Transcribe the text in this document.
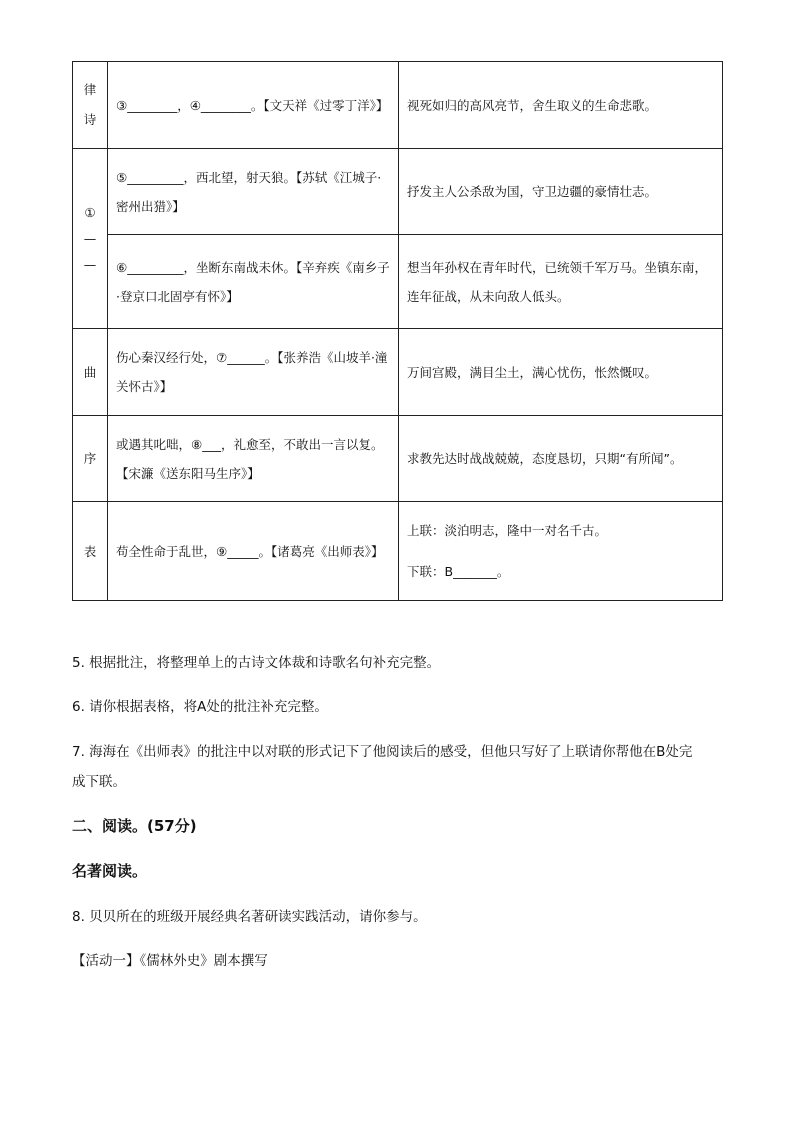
律
诗	③________，④________。【文天祥《过零丁洋》】	视死如归的高风亮节，舍生取义的生命悲歌。

①
—
—	⑤_________，西北望，射天狼。【苏轼《江城子·密州出猎》】	抒发主人公杀敌为国，守卫边疆的豪情壮志。
	⑥_________，坐断东南战未休。【辛弃疾《南乡子·登京口北固亭有怀》】	想当年孙权在青年时代，已统领千军万马。坐镇东南，连年征战，从未向敌人低头。
曲	伤心秦汉经行处，⑦______。【张养浩《山坡羊·潼关怀古》】	万间宫殿，满目尘土，满心忧伤，怅然慨叹。
序	或遇其叱咄，⑧___，礼愈至，不敢出一言以复。【宋濂《送东阳马生序》】	求教先达时战战兢兢，态度恳切，只期“有所闻”。
表	苟全性命于乱世，⑨_____。【诸葛亮《出师表》】	上联：淡泊明志，隆中一对名千古。
下联：B_______。
5. 根据批注，将整理单上的古诗文体裁和诗歌名句补充完整。
6. 请你根据表格，将A处的批注补充完整。
7. 海海在《出师表》的批注中以对联的形式记下了他阅读后的感受，但他只写好了上联请你帮他在B处完
成下联。
二、阅读。(57分)
名著阅读。
8. 贝贝所在的班级开展经典名著研读实践活动，请你参与。
【活动一】《儒林外史》剧本撰写
